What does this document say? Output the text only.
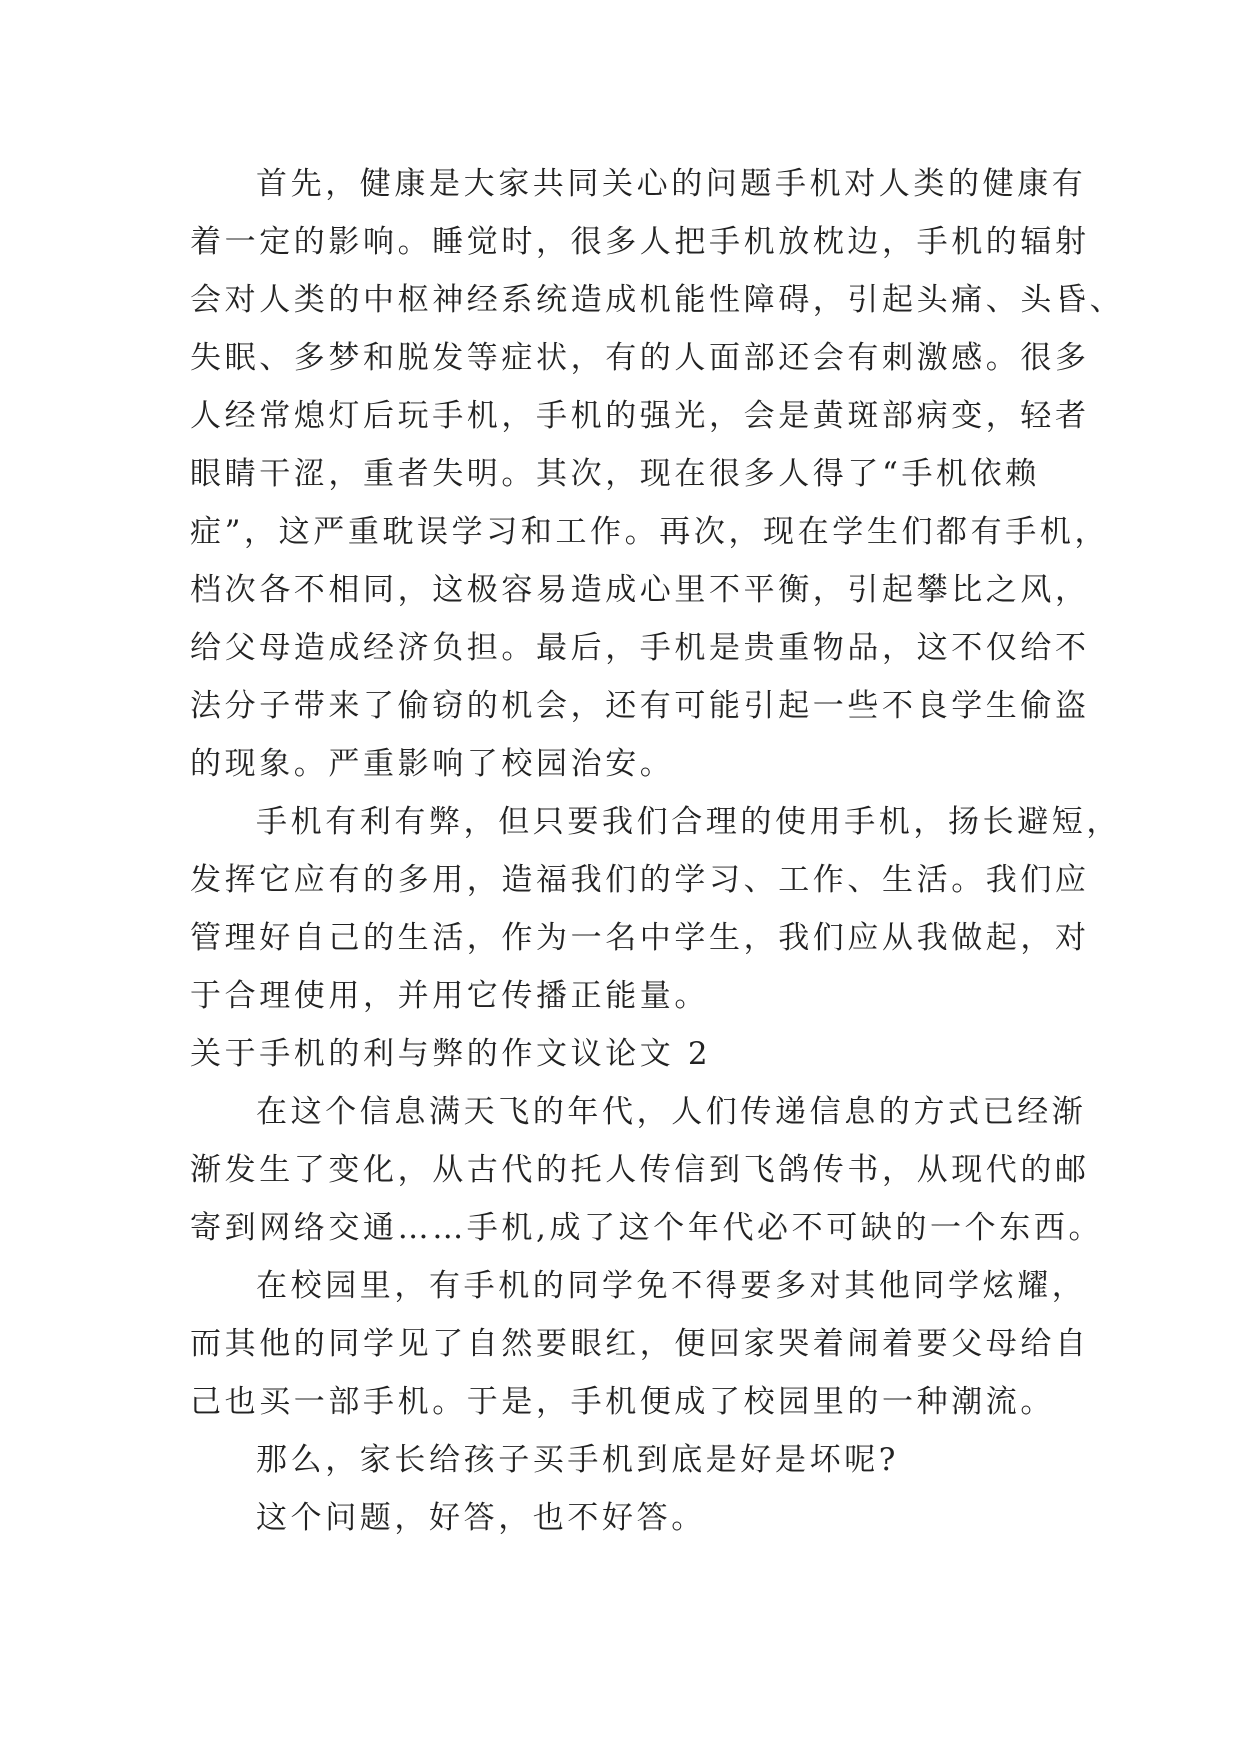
首先，健康是大家共同关心的问题手机对人类的健康有

着一定的影响。睡觉时，很多人把手机放枕边，手机的辐射

会对人类的中枢神经系统造成机能性障碍，引起头痛、头昏、

失眠、多梦和脱发等症状，有的人面部还会有刺激感。很多

人经常熄灯后玩手机，手机的强光，会是黄斑部病变，轻者

眼睛干涩，重者失明。其次，现在很多人得了“手机依赖

症”，这严重耽误学习和工作。再次，现在学生们都有手机，

档次各不相同，这极容易造成心里不平衡，引起攀比之风，

给父母造成经济负担。最后，手机是贵重物品，这不仅给不

法分子带来了偷窃的机会，还有可能引起一些不良学生偷盗

的现象。严重影响了校园治安。

手机有利有弊，但只要我们合理的使用手机，扬长避短，

发挥它应有的多用，造福我们的学习、工作、生活。我们应

管理好自己的生活，作为一名中学生，我们应从我做起，对

于合理使用，并用它传播正能量。

关于手机的利与弊的作文议论文 2

在这个信息满天飞的年代，人们传递信息的方式已经渐

渐发生了变化，从古代的托人传信到飞鸽传书，从现代的邮

寄到网络交通……手机,成了这个年代必不可缺的一个东西。

在校园里，有手机的同学免不得要多对其他同学炫耀，

而其他的同学见了自然要眼红，便回家哭着闹着要父母给自

己也买一部手机。于是，手机便成了校园里的一种潮流。

那么，家长给孩子买手机到底是好是坏呢?

这个问题，好答，也不好答。
